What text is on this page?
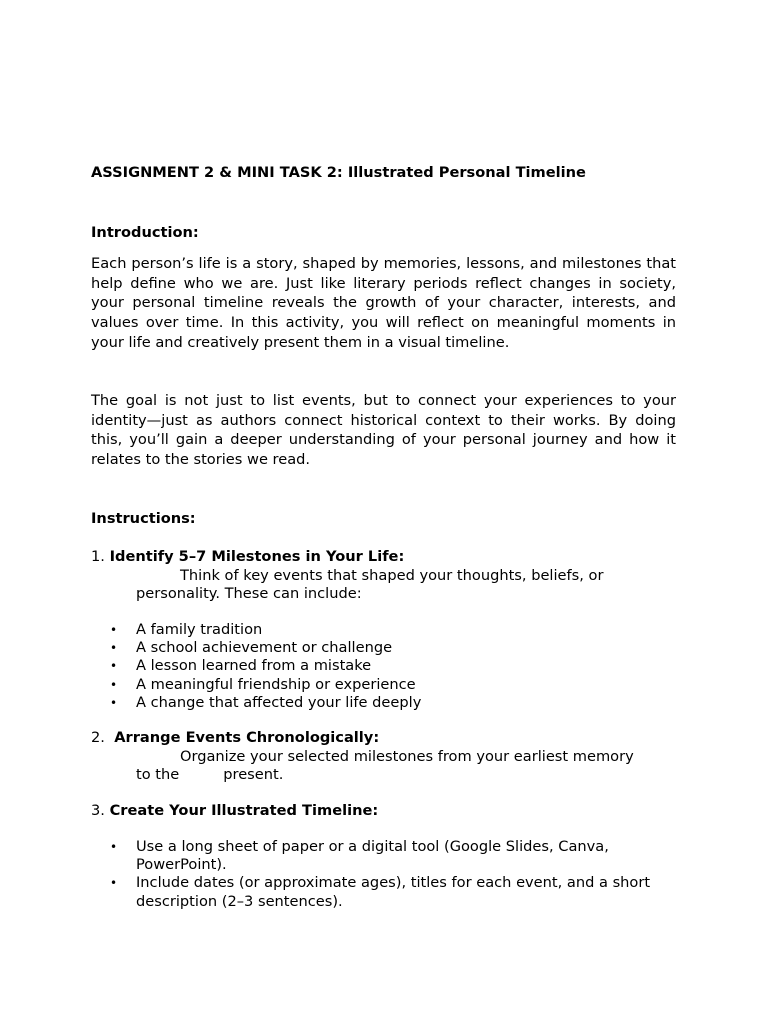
ASSIGNMENT 2 & MINI TASK 2: Illustrated Personal Timeline

Introduction:

Each person’s life is a story, shaped by memories, lessons, and milestones that help define who we are. Just like literary periods reflect changes in society, your personal timeline reveals the growth of your character, interests, and values over time. In this activity, you will reflect on meaningful moments in your life and creatively present them in a visual timeline.

The goal is not just to list events, but to connect your experiences to your identity—just as authors connect historical context to their works. By doing this, you’ll gain a deeper understanding of your personal journey and how it relates to the stories we read.

Instructions:

1. Identify 5–7 Milestones in Your Life:

Think of key events that shaped your thoughts, beliefs, or

personality. These can include:

• A family tradition
• A school achievement or challenge
• A lesson learned from a mistake
• A meaningful friendship or experience
• A change that affected your life deeply

2. Arrange Events Chronologically:

Organize your selected milestones from your earliest memory

to the	present.

3. Create Your Illustrated Timeline:

• Use a long sheet of paper or a digital tool (Google Slides, Canva, PowerPoint).
• Include dates (or approximate ages), titles for each event, and a short description (2–3 sentences).
